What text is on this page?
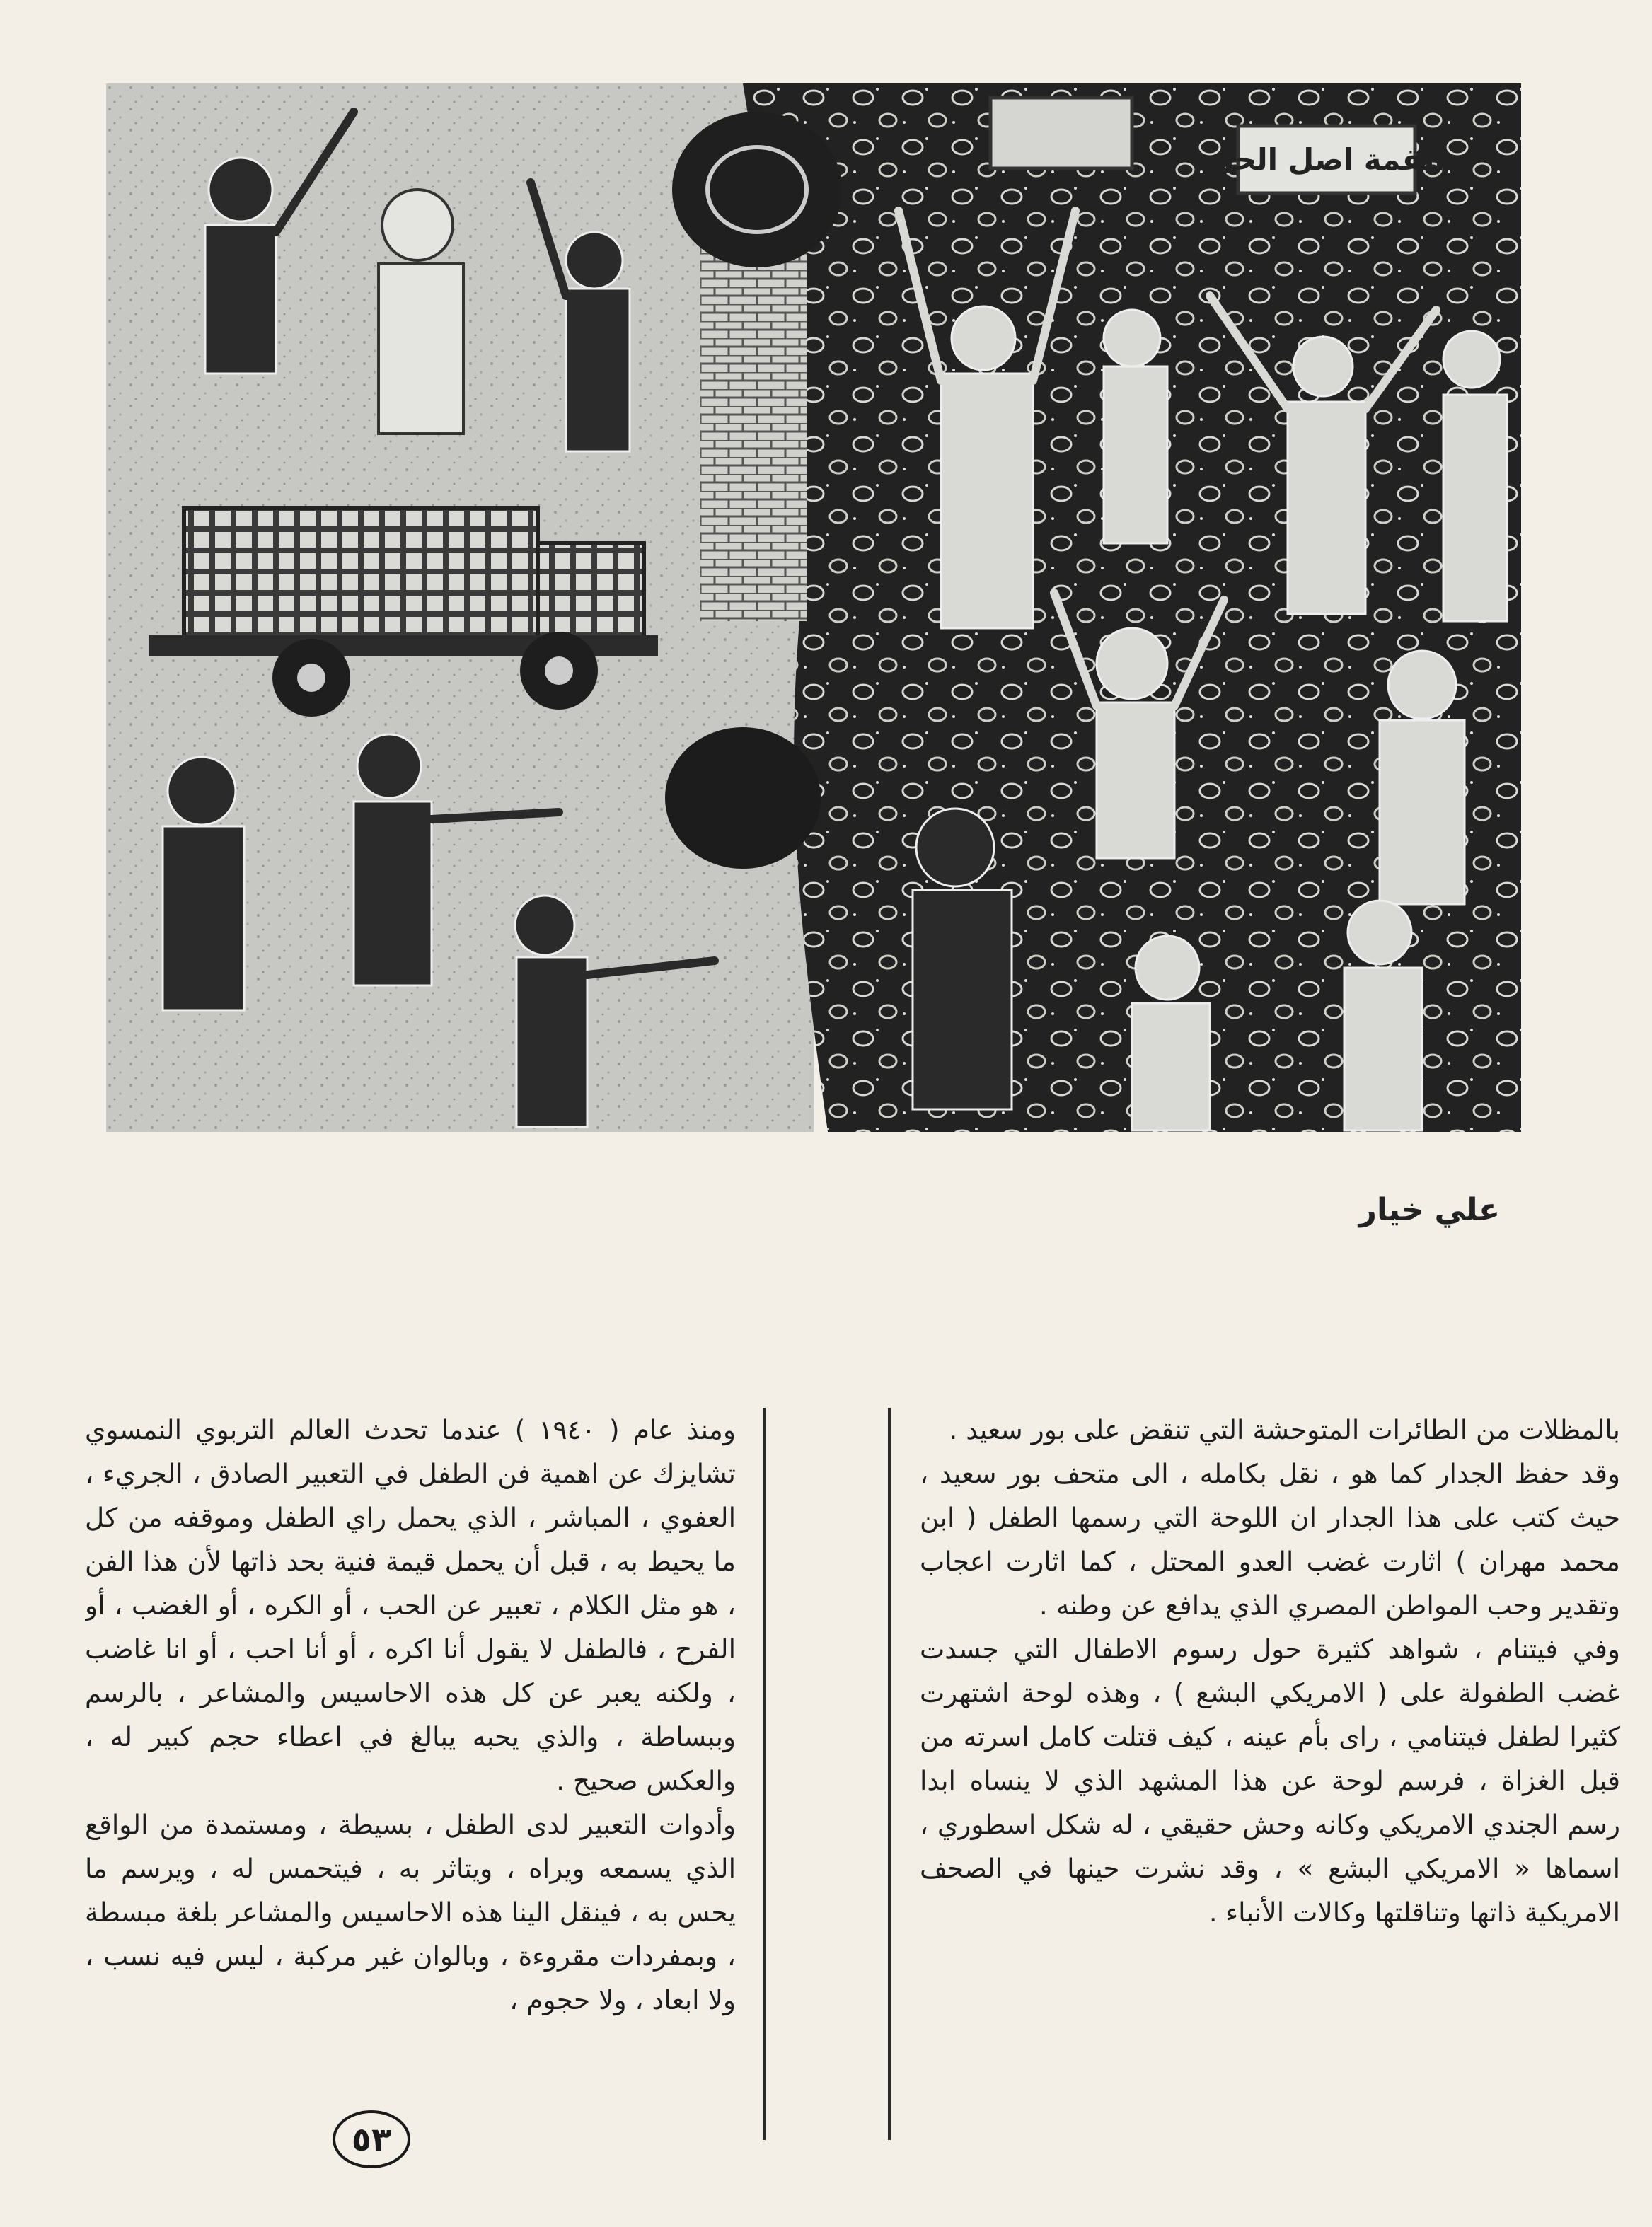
القمة اصل الحل
علي خيار

بالمظلات من الطائرات المتوحشة التي تنقض على بور سعيد .

وقد حفظ الجدار كما هو ، نقل بكامله ، الى متحف بور سعيد ، حيث كتب على هذا الجدار ان اللوحة التي رسمها الطفل ( ابن محمد مهران ) اثارت غضب العدو المحتل ، كما اثارت اعجاب وتقدير وحب المواطن المصري الذي يدافع عن وطنه .

وفي فيتنام ، شواهد كثيرة حول رسوم الاطفال التي جسدت غضب الطفولة على ( الامريكي البشع ) ، وهذه لوحة اشتهرت كثيرا لطفل فيتنامي ، راى بأم عينه ، كيف قتلت كامل اسرته من قبل الغزاة ، فرسم لوحة عن هذا المشهد الذي لا ينساه ابدا رسم الجندي الامريكي وكانه وحش حقيقي ، له شكل اسطوري ، اسماها « الامريكي البشع » ، وقد نشرت حينها في الصحف الامريكية ذاتها وتناقلتها وكالات الأنباء .

ومنذ عام ( ١٩٤٠ ) عندما تحدث العالم التربوي النمسوي تشايزك عن اهمية فن الطفل في التعبير الصادق ، الجريء ، العفوي ، المباشر ، الذي يحمل راي الطفل وموقفه من كل ما يحيط به ، قبل أن يحمل قيمة فنية بحد ذاتها لأن هذا الفن ، هو مثل الكلام ، تعبير عن الحب ، أو الكره ، أو الغضب ، أو الفرح ، فالطفل لا يقول أنا اكره ، أو أنا احب ، أو انا غاضب ، ولكنه يعبر عن كل هذه الاحاسيس والمشاعر ، بالرسم وببساطة ، والذي يحبه يبالغ في اعطاء حجم كبير له ، والعكس صحيح .

وأدوات التعبير لدى الطفل ، بسيطة ، ومستمدة من الواقع الذي يسمعه ويراه ، ويتاثر به ، فيتحمس له ، ويرسم ما يحس به ، فينقل الينا هذه الاحاسيس والمشاعر بلغة مبسطة ، وبمفردات مقروءة ، وبالوان غير مركبة ، ليس فيه نسب ، ولا ابعاد ، ولا حجوم ،

٥٣
